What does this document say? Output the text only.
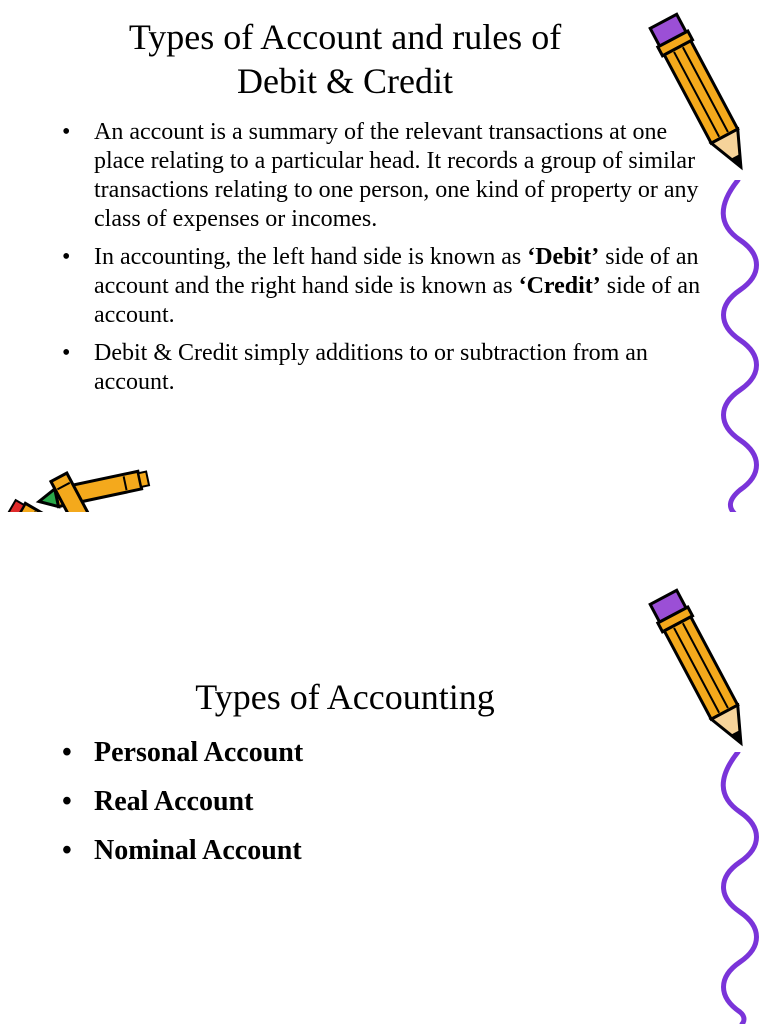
Types of Account and rules of
Debit & Credit
• An account is a summary of the relevant transactions at one place relating to a particular head. It records a group of similar transactions relating to one person, one kind of property or any class of expenses or incomes.
• In accounting, the left hand side is known as ‘Debit’ side of an account and the right hand side is known as ‘Credit’ side of an account.
• Debit & Credit simply additions to or subtraction from an account.
Types of Accounting
• Personal Account
• Real Account
• Nominal Account
